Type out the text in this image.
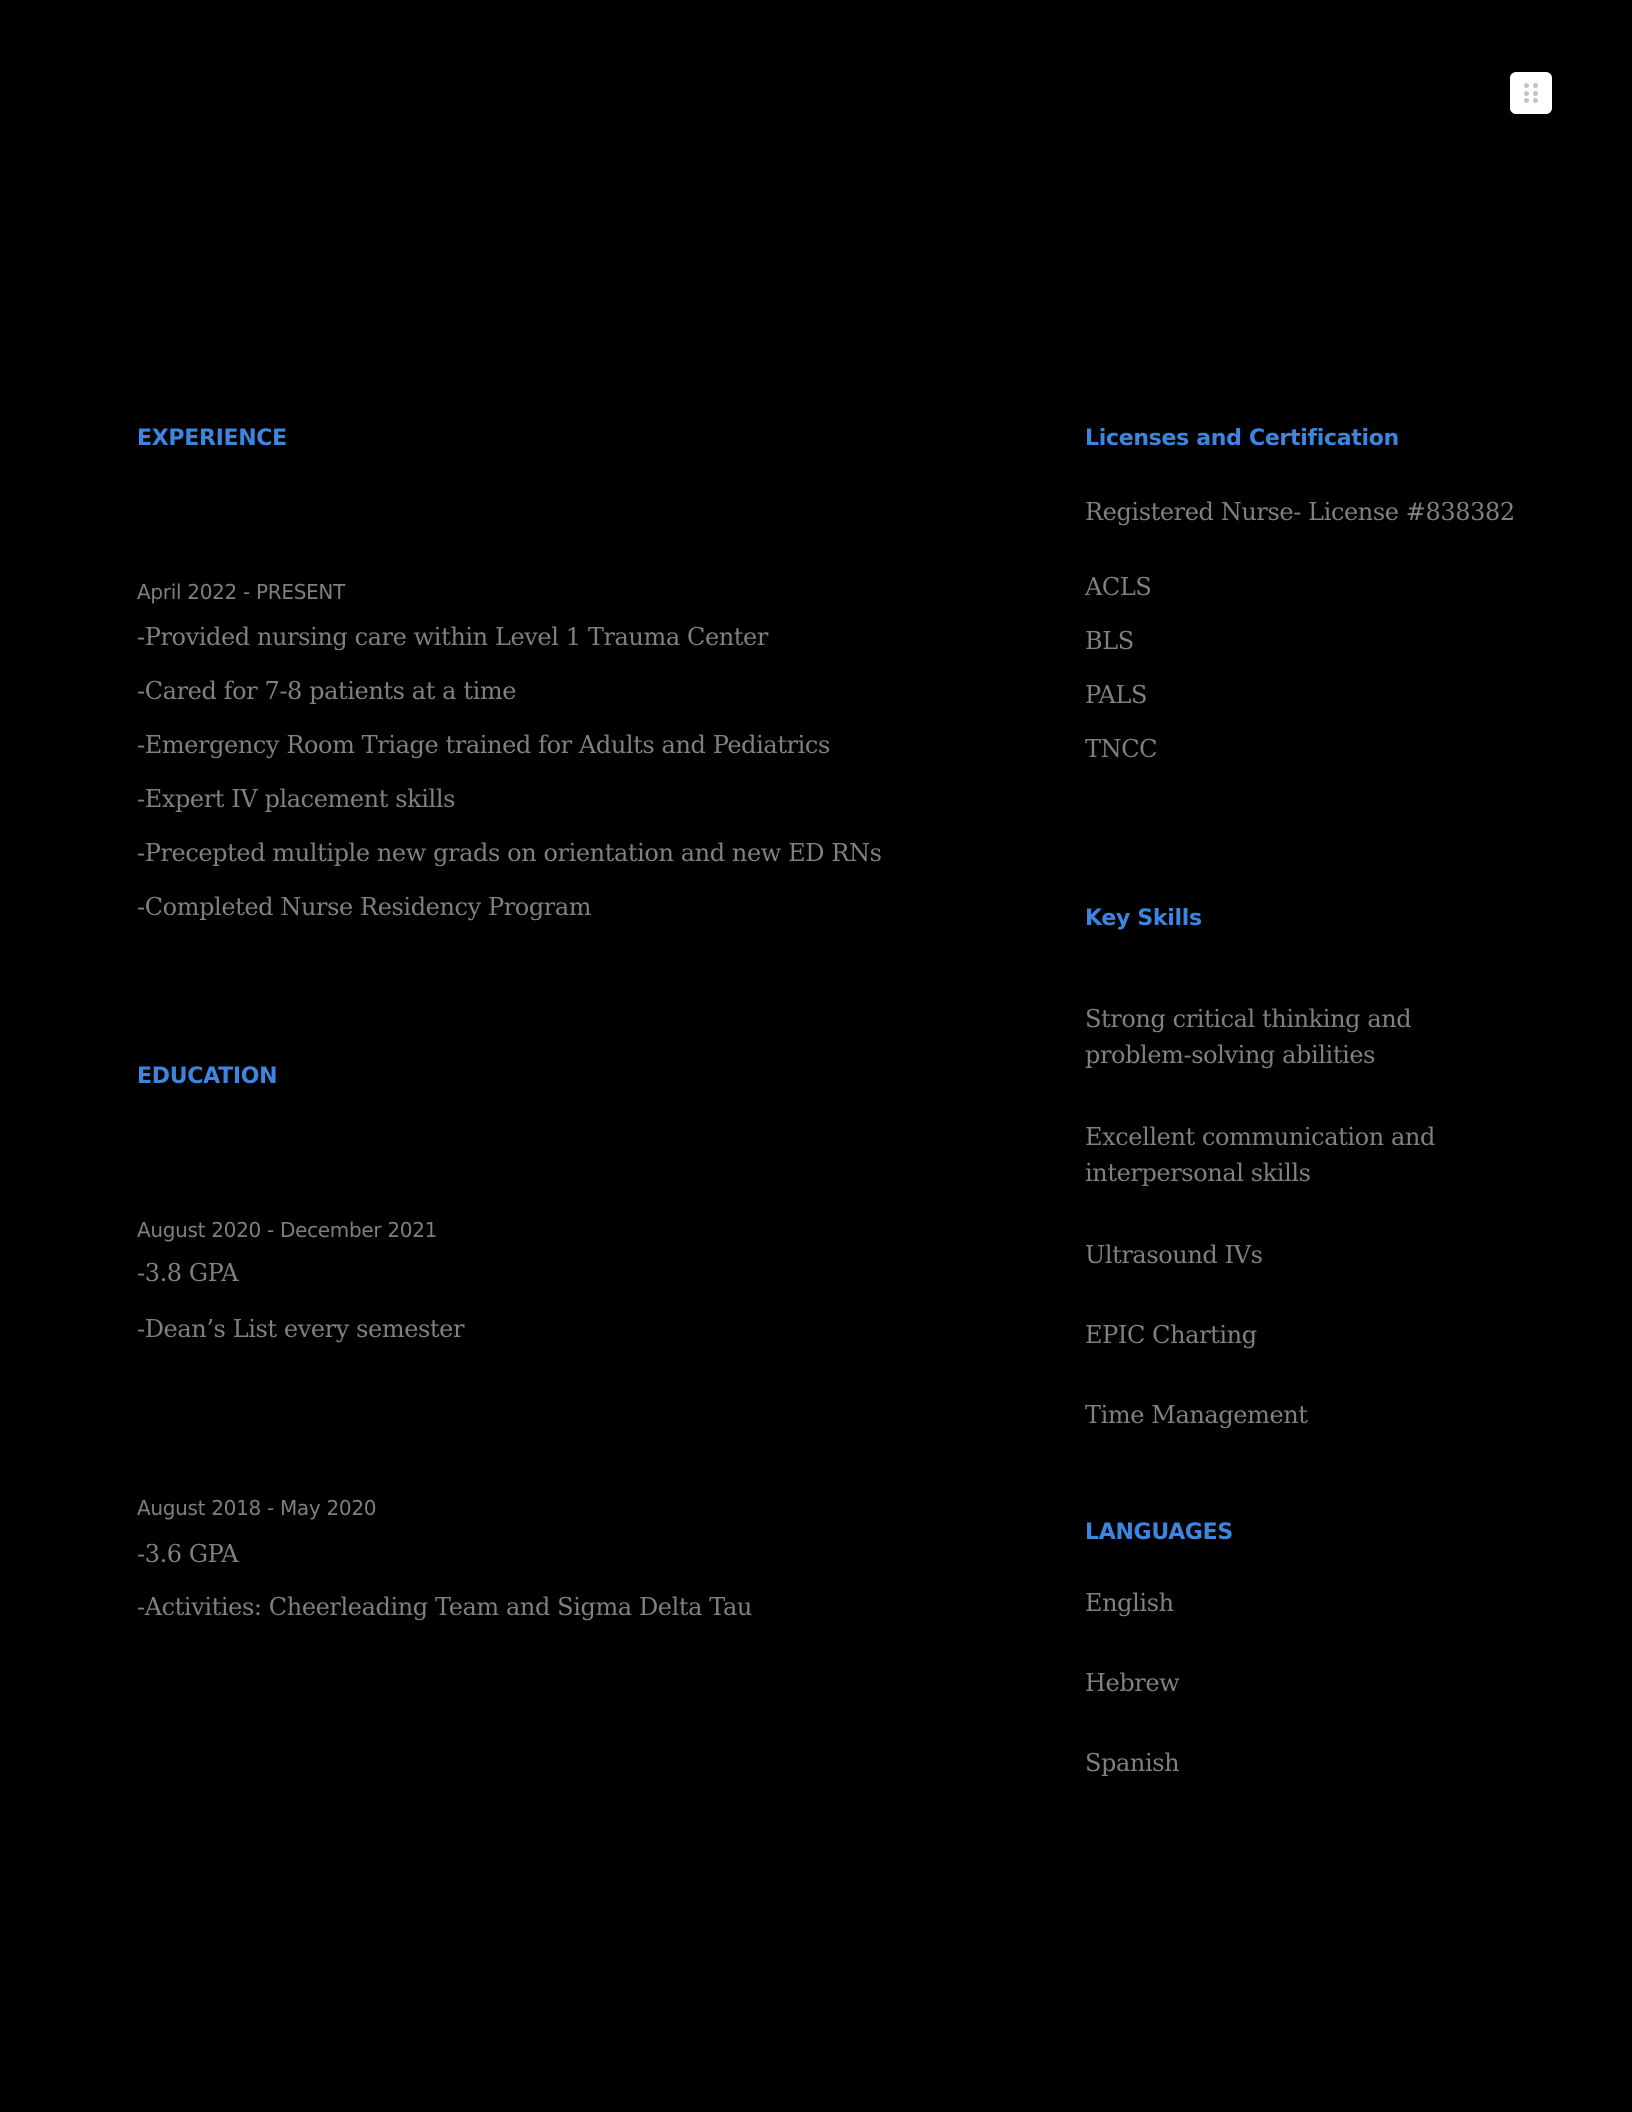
EXPERIENCE
April 2022 - PRESENT
-Provided nursing care within Level 1 Trauma Center
-Cared for 7-8 patients at a time
-Emergency Room Triage trained for Adults and Pediatrics
-Expert IV placement skills
-Precepted multiple new grads on orientation and new ED RNs
-Completed Nurse Residency Program
EDUCATION
August 2020 - December 2021
-3.8 GPA
-Dean’s List every semester
August 2018 - May 2020
-3.6 GPA
-Activities: Cheerleading Team and Sigma Delta Tau
Licenses and Certification
Registered Nurse- License #838382
ACLS
BLS
PALS
TNCC
Key Skills
Strong critical thinking and problem-solving abilities
Excellent communication and interpersonal skills
Ultrasound IVs
EPIC Charting
Time Management
LANGUAGES
English
Hebrew
Spanish
